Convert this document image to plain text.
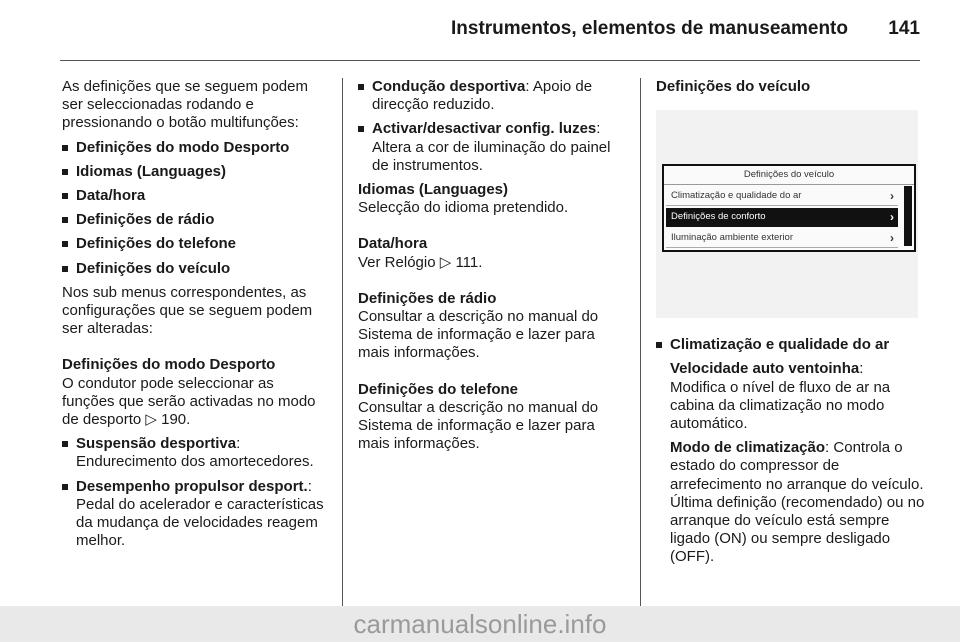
Instrumentos, elementos de manuseamento 141

As definições que se seguem podem ser seleccionadas rodando e pressionando o botão multifunções:

Definições do modo Desporto
Idiomas (Languages)
Data/hora
Definições de rádio
Definições do telefone
Definições do veículo

Nos sub menus correspondentes, as configurações que se seguem podem ser alteradas:

Definições do modo Desporto

O condutor pode seleccionar as funções que serão activadas no modo de desporto ▷ 190.

Suspensão desportiva:
Endurecimento dos amortecedores.
Desempenho propulsor desport.:
Pedal do acelerador e características da mudança de velocidades reagem melhor.
Condução desportiva: Apoio de direcção reduzido.
Activar/desactivar config. luzes: Altera a cor de iluminação do painel de instrumentos.

Idiomas (Languages)

Selecção do idioma pretendido.

Data/hora

Ver Relógio ▷ 111.

Definições de rádio

Consultar a descrição no manual do Sistema de informação e lazer para mais informações.

Definições do telefone

Consultar a descrição no manual do Sistema de informação e lazer para mais informações.

Definições do veículo

Definições do veículo
Climatização e qualidade do ar	›
Definições de conforto	›
Iluminação ambiente exterior	›
Climatização e qualidade do ar

Velocidade auto ventoinha:
Modifica o nível de fluxo de ar na cabina da climatização no modo automático.

Modo de climatização: Controla o estado do compressor de arrefecimento no arranque do veículo. Última definição (recomendado) ou no arranque do veículo está sempre ligado (ON) ou sempre desligado (OFF).

carmanualsonline.info
